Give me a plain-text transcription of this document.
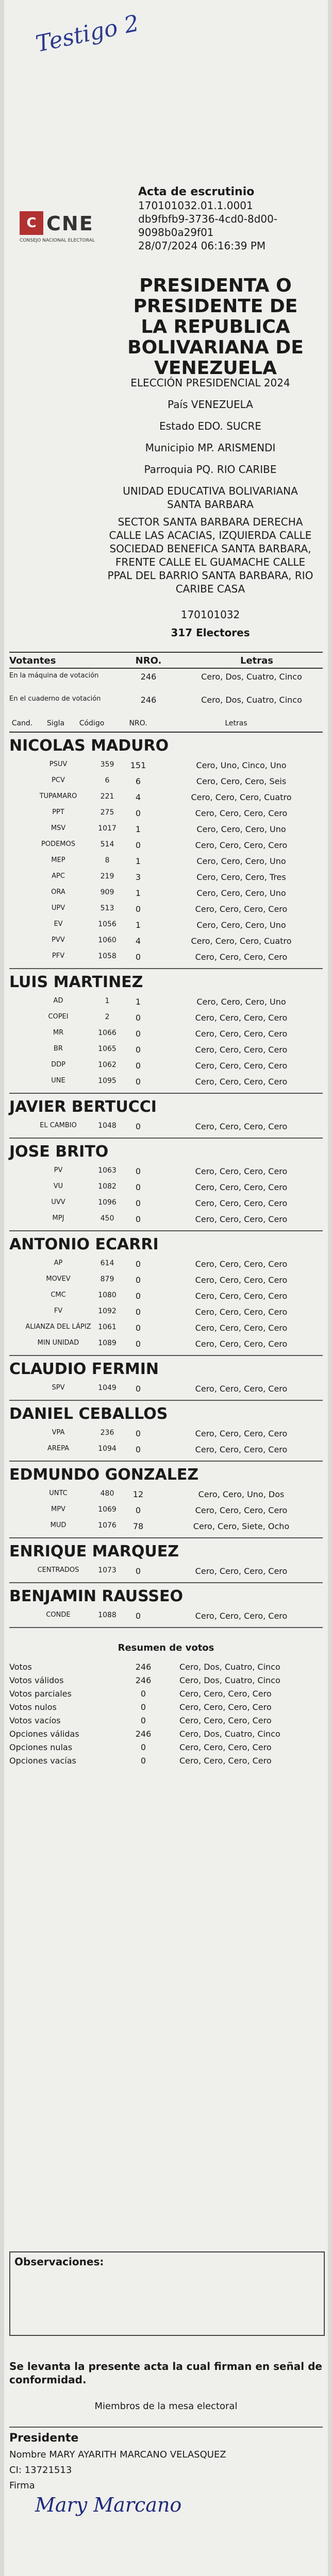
Testigo 2
C CNE
CONSEJO NACIONAL ELECTORAL
Acta de escrutinio
170101032.01.1.0001
db9fbfb9-3736-4cd0-8d00-
9098b0a29f01
28/07/2024 06:16:39 PM
PRESIDENTA O PRESIDENTE DE LA REPUBLICA BOLIVARIANA DE VENEZUELA
ELECCIÓN PRESIDENCIAL 2024
País VENEZUELA
Estado EDO. SUCRE
Municipio MP. ARISMENDI
Parroquia PQ. RIO CARIBE
UNIDAD EDUCATIVA BOLIVARIANA SANTA BARBARA
SECTOR SANTA BARBARA DERECHA CALLE LAS ACACIAS, IZQUIERDA CALLE SOCIEDAD BENEFICA SANTA BARBARA, FRENTE CALLE EL GUAMACHE CALLE PPAL DEL BARRIO SANTA BARBARA, RIO CARIBE CASA
170101032
317 Electores
Votantes	NRO.	Letras
En la máquina de votación	246	Cero, Dos, Cuatro, Cinco
En el cuaderno de votación	246	Cero, Dos, Cuatro, Cinco
Cand.	Sigla	Código	NRO.	Letras
NICOLAS MADURO
PSUV	359	151	Cero, Uno, Cinco, Uno
PCV	6	6	Cero, Cero, Cero, Seis
TUPAMARO	221	4	Cero, Cero, Cero, Cuatro
PPT	275	0	Cero, Cero, Cero, Cero
MSV	1017	1	Cero, Cero, Cero, Uno
PODEMOS	514	0	Cero, Cero, Cero, Cero
MEP	8	1	Cero, Cero, Cero, Uno
APC	219	3	Cero, Cero, Cero, Tres
ORA	909	1	Cero, Cero, Cero, Uno
UPV	513	0	Cero, Cero, Cero, Cero
EV	1056	1	Cero, Cero, Cero, Uno
PVV	1060	4	Cero, Cero, Cero, Cuatro
PFV	1058	0	Cero, Cero, Cero, Cero
LUIS MARTINEZ
AD	1	1	Cero, Cero, Cero, Uno
COPEI	2	0	Cero, Cero, Cero, Cero
MR	1066	0	Cero, Cero, Cero, Cero
BR	1065	0	Cero, Cero, Cero, Cero
DDP	1062	0	Cero, Cero, Cero, Cero
UNE	1095	0	Cero, Cero, Cero, Cero
JAVIER BERTUCCI
EL CAMBIO	1048	0	Cero, Cero, Cero, Cero
JOSE BRITO
PV	1063	0	Cero, Cero, Cero, Cero
VU	1082	0	Cero, Cero, Cero, Cero
UVV	1096	0	Cero, Cero, Cero, Cero
MPJ	450	0	Cero, Cero, Cero, Cero
ANTONIO ECARRI
AP	614	0	Cero, Cero, Cero, Cero
MOVEV	879	0	Cero, Cero, Cero, Cero
CMC	1080	0	Cero, Cero, Cero, Cero
FV	1092	0	Cero, Cero, Cero, Cero
ALIANZA DEL LÁPIZ 1061	0	Cero, Cero, Cero, Cero
MIN UNIDAD	1089	0	Cero, Cero, Cero, Cero
CLAUDIO FERMIN
SPV	1049	0	Cero, Cero, Cero, Cero
DANIEL CEBALLOS
VPA	236	0	Cero, Cero, Cero, Cero
AREPA	1094	0	Cero, Cero, Cero, Cero
EDMUNDO GONZALEZ
UNTC	480	12	Cero, Cero, Uno, Dos
MPV	1069	0	Cero, Cero, Cero, Cero
MUD	1076	78	Cero, Cero, Siete, Ocho
ENRIQUE MARQUEZ
CENTRADOS	1073	0	Cero, Cero, Cero, Cero
BENJAMIN RAUSSEO
CONDE	1088	0	Cero, Cero, Cero, Cero
Resumen de votos
Votos	246	Cero, Dos, Cuatro, Cinco
Votos válidos	246	Cero, Dos, Cuatro, Cinco
Votos parciales	0	Cero, Cero, Cero, Cero
Votos nulos	0	Cero, Cero, Cero, Cero
Votos vacíos	0	Cero, Cero, Cero, Cero
Opciones válidas	246	Cero, Dos, Cuatro, Cinco
Opciones nulas	0	Cero, Cero, Cero, Cero
Opciones vacías	0	Cero, Cero, Cero, Cero
Observaciones:
Se levanta la presente acta la cual firman en señal de conformidad.
Miembros de la mesa electoral
Presidente
Nombre MARY AYARITH MARCANO VELASQUEZ
CI: 13721513
Firma
Mary Marcano
